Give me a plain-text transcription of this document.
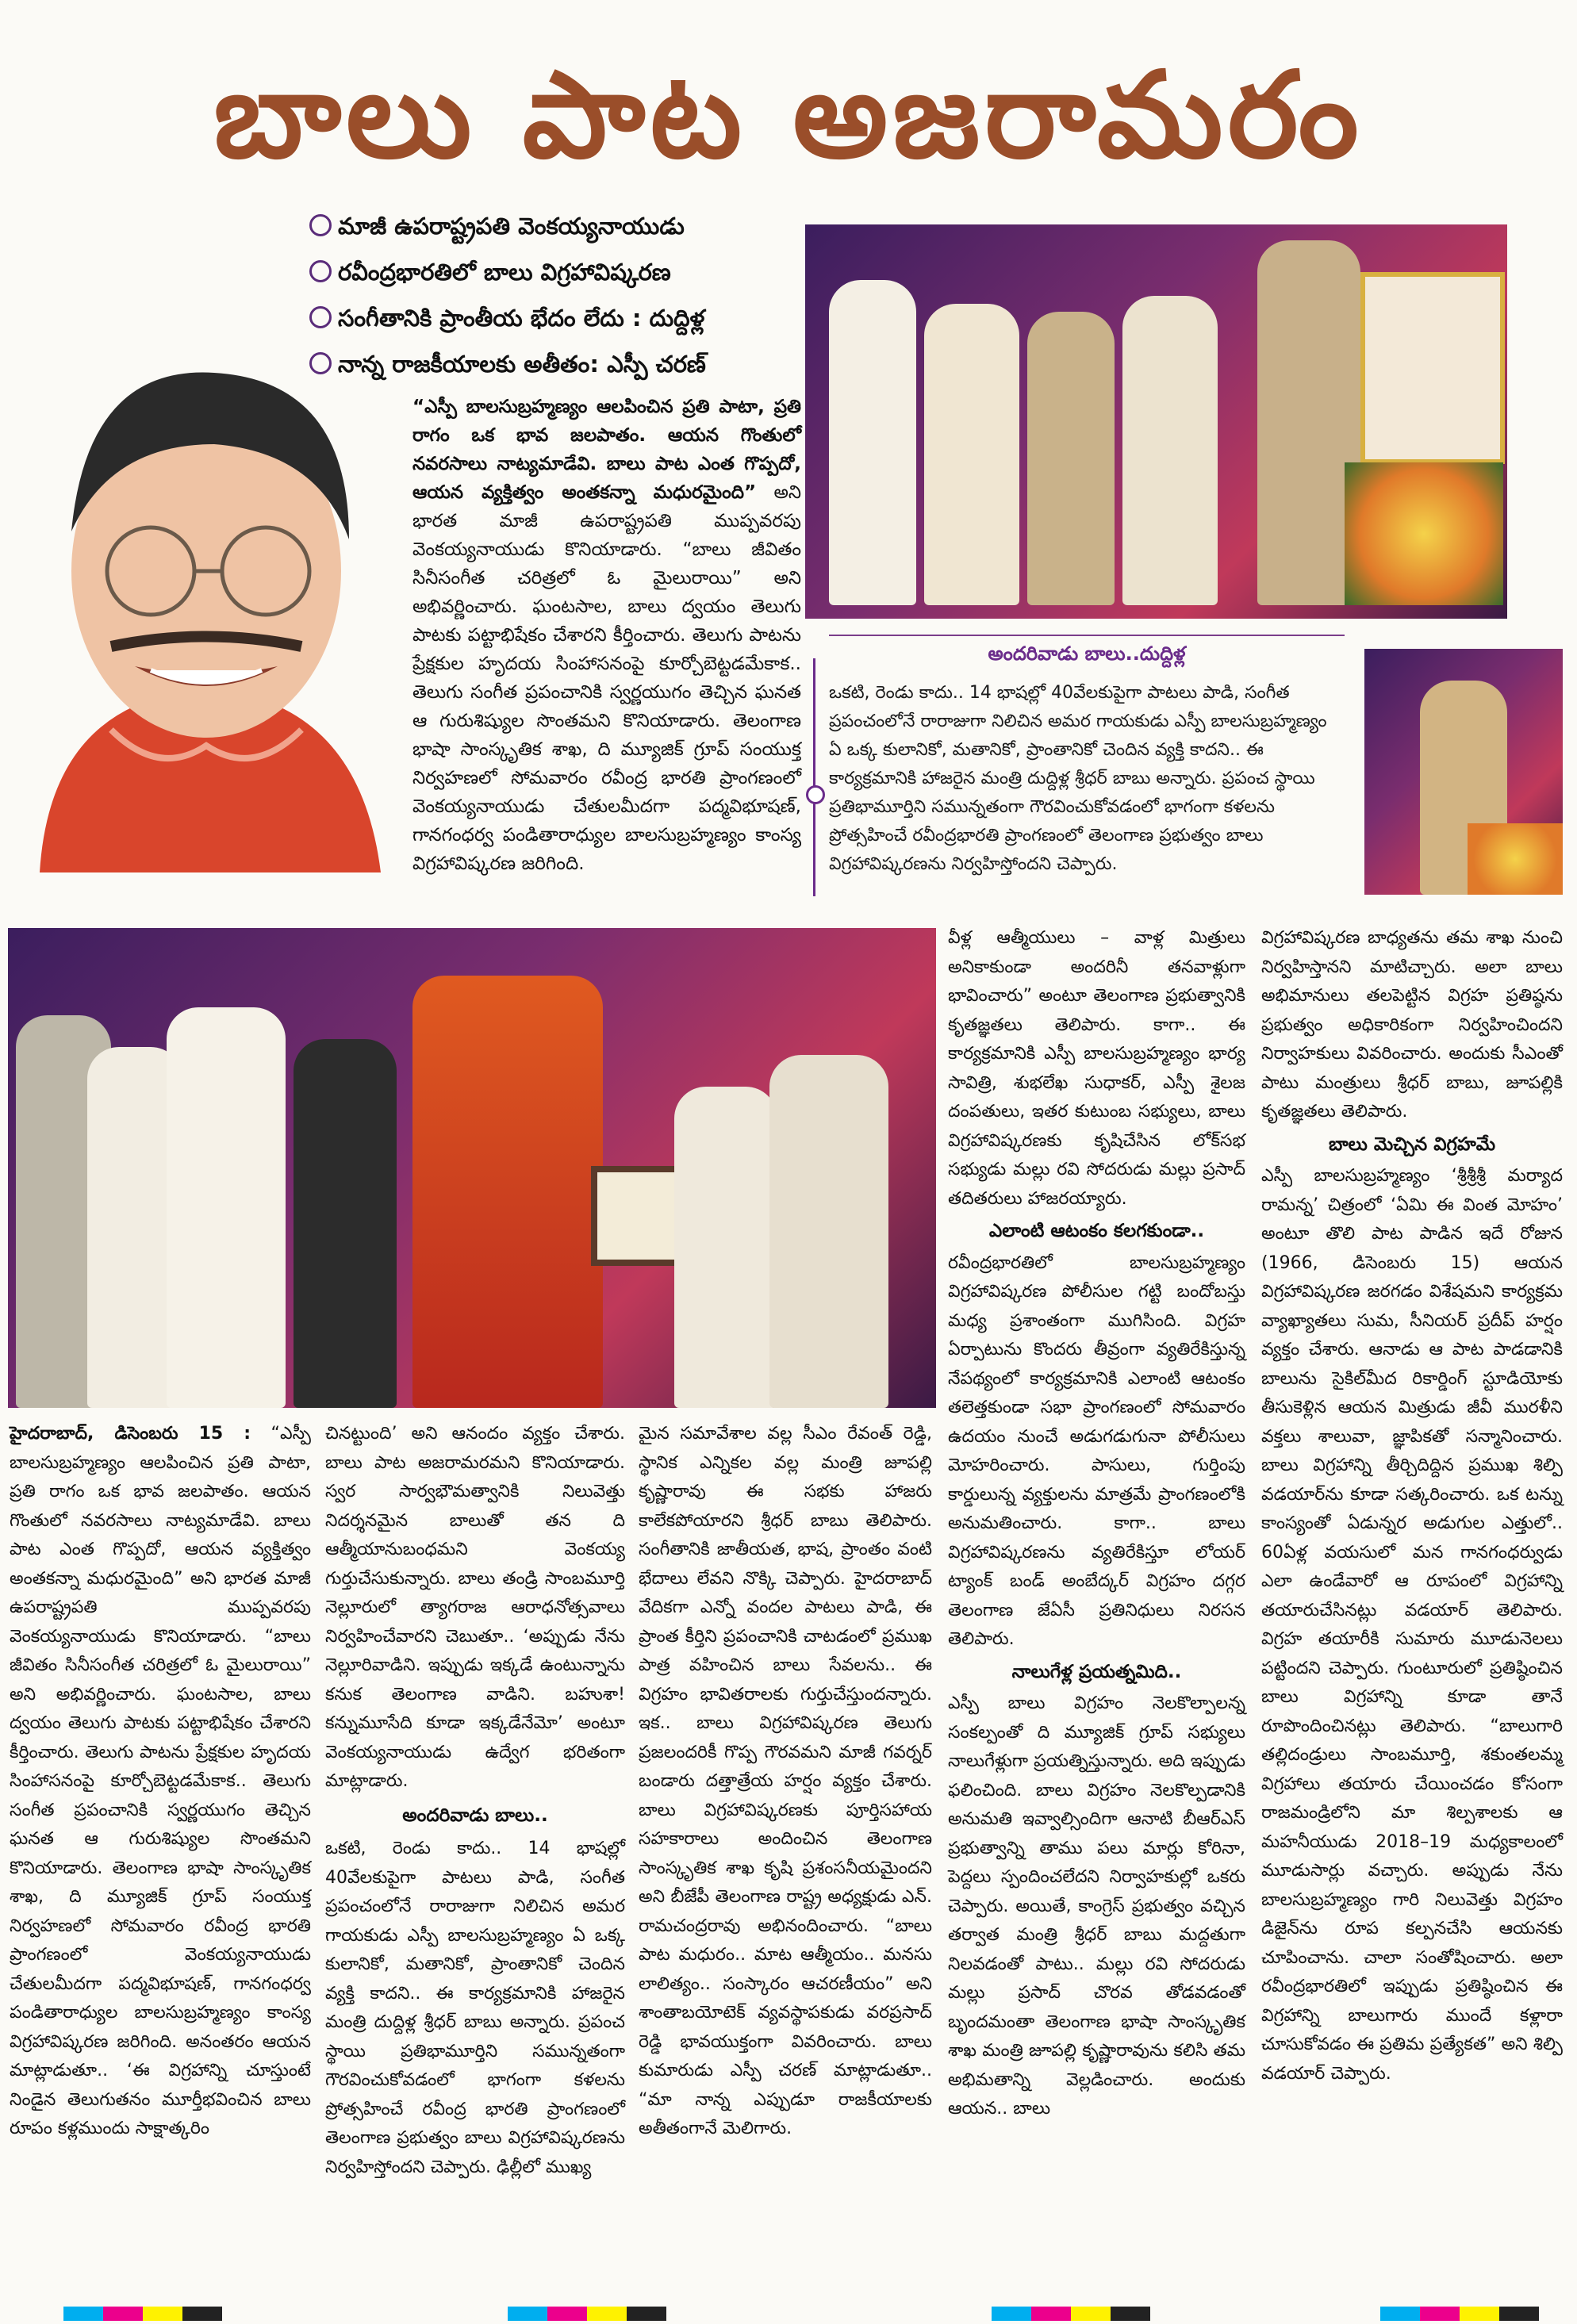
బాలు పాట అజరామరం
మాజీ ఉపరాష్ట్రపతి వెంకయ్యనాయుడు
రవీంద్రభారతిలో బాలు విగ్రహావిష్కరణ
సంగీతానికి ప్రాంతీయ భేదం లేదు : దుద్దిళ్ల
నాన్న రాజకీయాలకు అతీతం: ఎస్పీ చరణ్
“ఎస్పీ బాలసుబ్రహ్మణ్యం ఆలపించిన ప్రతి పాటా, ప్రతి రాగం ఒక భావ జలపాతం. ఆయన గొంతులో నవరసాలు నాట్యమాడేవి. బాలు పాట ఎంత గొప్పదో, ఆయన వ్యక్తిత్వం అంతకన్నా మధురమైంది” అని భారత మాజీ ఉపరాష్ట్రపతి ముప్పవరపు వెంకయ్యనాయుడు కొనియాడారు. “బాలు జీవితం సినీసంగీత చరిత్రలో ఓ మైలురాయి” అని అభివర్ణించారు. ఘంటసాల, బాలు ద్వయం తెలుగు పాటకు పట్టాభిషేకం చేశారని కీర్తించారు. తెలుగు పాటను ప్రేక్షకుల హృదయ సింహాసనంపై కూర్చోబెట్టడమేకాక.. తెలుగు సంగీత ప్రపంచానికి స్వర్ణయుగం తెచ్చిన ఘనత ఆ గురుశిష్యుల సొంతమని కొనియాడారు. తెలంగాణ భాషా సాంస్కృతిక శాఖ, ది మ్యూజిక్ గ్రూప్ సంయుక్త నిర్వహణలో సోమవారం రవీంద్ర భారతి ప్రాంగణంలో వెంకయ్యనాయుడు చేతులమీదగా పద్మవిభూషణ్, గానగంధర్వ పండితారాధ్యుల బాలసుబ్రహ్మణ్యం కాంస్య విగ్రహావిష్కరణ జరిగింది.
అందరివాడు బాలు..దుద్దిళ్ల
ఒకటి, రెండు కాదు.. 14 భాషల్లో 40వేలకుపైగా పాటలు పాడి, సంగీత ప్రపంచంలోనే రారాజుగా నిలిచిన అమర గాయకుడు ఎస్పీ బాలసుబ్రహ్మణ్యం ఏ ఒక్క కులానికో, మతానికో, ప్రాంతానికో చెందిన వ్యక్తి కాదని.. ఈ కార్యక్రమానికి హాజరైన మంత్రి దుద్దిళ్ల శ్రీధర్ బాబు అన్నారు. ప్రపంచ స్థాయి ప్రతిభామూర్తిని సమున్నతంగా గౌరవించుకోవడంలో భాగంగా కళలను ప్రోత్సహించే రవీంద్రభారతి ప్రాంగణంలో తెలంగాణ ప్రభుత్వం బాలు విగ్రహావిష్కరణను నిర్వహిస్తోందని చెప్పారు.

హైదరాబాద్, డిసెంబరు 15 : “ఎస్పీ బాలసుబ్రహ్మణ్యం ఆలపించిన ప్రతి పాటా, ప్రతి రాగం ఒక భావ జలపాతం. ఆయన గొంతులో నవరసాలు నాట్యమాడేవి. బాలు పాట ఎంత గొప్పదో, ఆయన వ్యక్తిత్వం అంతకన్నా మధురమైంది” అని భారత మాజీ ఉపరాష్ట్రపతి ముప్పవరపు వెంకయ్యనాయుడు కొనియాడారు. “బాలు జీవితం సినీసంగీత చరిత్రలో ఓ మైలురాయి” అని అభివర్ణించారు. ఘంటసాల, బాలు ద్వయం తెలుగు పాటకు పట్టాభిషేకం చేశారని కీర్తించారు. తెలుగు పాటను ప్రేక్షకుల హృదయ సింహాసనంపై కూర్చోబెట్టడమేకాక.. తెలుగు సంగీత ప్రపంచానికి స్వర్ణయుగం తెచ్చిన ఘనత ఆ గురుశిష్యుల సొంతమని కొనియాడారు. తెలంగాణ భాషా సాంస్కృతిక శాఖ, ది మ్యూజిక్ గ్రూప్ సంయుక్త నిర్వహణలో సోమవారం రవీంద్ర భారతి ప్రాంగణంలో వెంకయ్యనాయుడు చేతులమీదగా పద్మవిభూషణ్, గానగంధర్వ పండితారాధ్యుల బాలసుబ్రహ్మణ్యం కాంస్య విగ్రహావిష్కరణ జరిగింది. అనంతరం ఆయన మాట్లాడుతూ.. ‘ఈ విగ్రహాన్ని చూస్తుంటే నిండైన తెలుగుతనం మూర్తీభవించిన బాలు రూపం కళ్లముందు సాక్షాత్కరిం

చినట్టుంది’ అని ఆనందం వ్యక్తం చేశారు. బాలు పాట అజరామరమని కొనియాడారు. స్వర సార్వభౌమత్వానికి నిలువెత్తు నిదర్శనమైన బాలుతో తన ది ఆత్మీయానుబంధమని వెంకయ్య గుర్తుచేసుకున్నారు. బాలు తండ్రి సాంబమూర్తి నెల్లూరులో త్యాగరాజ ఆరాధనోత్సవాలు నిర్వహించేవారని చెబుతూ.. ‘అప్పుడు నేను నెల్లూరివాడిని. ఇప్పుడు ఇక్కడే ఉంటున్నాను కనుక తెలంగాణ వాడిని. బహుశా! కన్నుమూసేది కూడా ఇక్కడేనేమో’ అంటూ వెంకయ్యనాయుడు ఉద్వేగ భరితంగా మాట్లాడారు.

అందరివాడు బాలు..

ఒకటి, రెండు కాదు.. 14 భాషల్లో 40వేలకుపైగా పాటలు పాడి, సంగీత ప్రపంచంలోనే రారాజుగా నిలిచిన అమర గాయకుడు ఎస్పీ బాలసుబ్రహ్మణ్యం ఏ ఒక్క కులానికో, మతానికో, ప్రాంతానికో చెందిన వ్యక్తి కాదని.. ఈ కార్యక్రమానికి హాజరైన మంత్రి దుద్దిళ్ల శ్రీధర్ బాబు అన్నారు. ప్రపంచ స్థాయి ప్రతిభామూర్తిని సమున్నతంగా గౌరవించుకోవడంలో భాగంగా కళలను ప్రోత్సహించే రవీంద్ర భారతి ప్రాంగణంలో తెలంగాణ ప్రభుత్వం బాలు విగ్రహావిష్కరణను నిర్వహిస్తోందని చెప్పారు. ఢిల్లీలో ముఖ్య

మైన సమావేశాల వల్ల సీఎం రేవంత్ రెడ్డి, స్థానిక ఎన్నికల వల్ల మంత్రి జూపల్లి కృష్ణారావు ఈ సభకు హాజరు కాలేకపోయారని శ్రీధర్ బాబు తెలిపారు. సంగీతానికి జాతీయత, భాష, ప్రాంతం వంటి భేదాలు లేవని నొక్కి చెప్పారు. హైదరాబాద్ వేదికగా ఎన్నో వందల పాటలు పాడి, ఈ ప్రాంత కీర్తిని ప్రపంచానికి చాటడంలో ప్రముఖ పాత్ర వహించిన బాలు సేవలను.. ఈ విగ్రహం భావితరాలకు గుర్తుచేస్తుందన్నారు. ఇక.. బాలు విగ్రహావిష్కరణ తెలుగు ప్రజలందరికీ గొప్ప గౌరవమని మాజీ గవర్నర్ బండారు దత్తాత్రేయ హర్షం వ్యక్తం చేశారు. బాలు విగ్రహావిష్కరణకు పూర్తిసహాయ సహకారాలు అందించిన తెలంగాణ సాంస్కృతిక శాఖ కృషి ప్రశంసనీయమైందని అని బీజేపీ తెలంగాణ రాష్ట్ర అధ్యక్షుడు ఎన్. రామచంద్రరావు అభినందించారు. “బాలు పాట మధురం.. మాట ఆత్మీయం.. మనసు లాలిత్యం.. సంస్కారం ఆచరణీయం” అని శాంతాబయోటెక్ వ్యవస్థాపకుడు వరప్రసాద్ రెడ్డి భావయుక్తంగా వివరించారు. బాలు కుమారుడు ఎస్పీ చరణ్ మాట్లాడుతూ.. “మా నాన్న ఎప్పుడూ రాజకీయాలకు అతీతంగానే మెలిగారు.

వీళ్ల ఆత్మీయులు – వాళ్ల మిత్రులు అనికాకుండా అందరినీ తనవాళ్లుగా భావించారు” అంటూ తెలంగాణ ప్రభుత్వానికి కృతజ్ఞతలు తెలిపారు. కాగా.. ఈ కార్యక్రమానికి ఎస్పీ బాలసుబ్రహ్మణ్యం భార్య సావిత్రి, శుభలేఖ సుధాకర్, ఎస్పీ శైలజ దంపతులు, ఇతర కుటుంబ సభ్యులు, బాలు విగ్రహావిష్కరణకు కృషిచేసిన లోక్‌సభ సభ్యుడు మల్లు రవి సోదరుడు మల్లు ప్రసాద్ తదితరులు హాజరయ్యారు.

ఎలాంటి ఆటంకం కలగకుండా..

రవీంద్రభారతిలో బాలసుబ్రహ్మణ్యం విగ్రహావిష్కరణ పోలీసుల గట్టి బందోబస్తు మధ్య ప్రశాంతంగా ముగిసింది. విగ్రహ ఏర్పాటును కొందరు తీవ్రంగా వ్యతిరేకిస్తున్న నేపథ్యంలో కార్యక్రమానికి ఎలాంటి ఆటంకం తలెత్తకుండా సభా ప్రాంగణంలో సోమవారం ఉదయం నుంచే అడుగడుగునా పోలీసులు మోహరించారు. పాసులు, గుర్తింపు కార్డులున్న వ్యక్తులను మాత్రమే ప్రాంగణంలోకి అనుమతించారు. కాగా.. బాలు విగ్రహావిష్కరణను వ్యతిరేకిస్తూ లోయర్ ట్యాంక్ బండ్ అంబేద్కర్ విగ్రహం దగ్గర తెలంగాణ జేఏసీ ప్రతినిధులు నిరసన తెలిపారు.

నాలుగేళ్ల ప్రయత్నమిది..

ఎస్పీ బాలు విగ్రహం నెలకొల్పాలన్న సంకల్పంతో ది మ్యూజిక్ గ్రూప్ సభ్యులు నాలుగేళ్లుగా ప్రయత్నిస్తున్నారు. అది ఇప్పుడు ఫలించింది. బాలు విగ్రహం నెలకొల్పడానికి అనుమతి ఇవ్వాల్సిందిగా ఆనాటి బీఆర్ఎస్ ప్రభుత్వాన్ని తాము పలు మార్లు కోరినా, పెద్దలు స్పందించలేదని నిర్వాహకుల్లో ఒకరు చెప్పారు. అయితే, కాంగ్రెస్ ప్రభుత్వం వచ్చిన తర్వాత మంత్రి శ్రీధర్ బాబు మద్దతుగా నిలవడంతో పాటు.. మల్లు రవి సోదరుడు మల్లు ప్రసాద్ చొరవ తోడవడంతో బృందమంతా తెలంగాణ భాషా సాంస్కృతిక శాఖ మంత్రి జూపల్లి కృష్ణారావును కలిసి తమ అభిమతాన్ని వెల్లడించారు. అందుకు ఆయన.. బాలు

విగ్రహావిష్కరణ బాధ్యతను తమ శాఖ నుంచి నిర్వహిస్తానని మాటిచ్చారు. అలా బాలు అభిమానులు తలపెట్టిన విగ్రహ ప్రతిష్ఠను ప్రభుత్వం అధికారికంగా నిర్వహించిందని నిర్వాహకులు వివరించారు. అందుకు సీఎంతో పాటు మంత్రులు శ్రీధర్ బాబు, జూపల్లికి కృతజ్ఞతలు తెలిపారు.

బాలు మెచ్చిన విగ్రహమే

ఎస్పీ బాలసుబ్రహ్మణ్యం ‘శ్రీశ్రీశ్రీ మర్యాద రామన్న’ చిత్రంలో ‘ఏమి ఈ వింత మోహం’ అంటూ తొలి పాట పాడిన ఇదే రోజున (1966, డిసెంబరు 15) ఆయన విగ్రహావిష్కరణ జరగడం విశేషమని కార్యక్రమ వ్యాఖ్యాతలు సుమ, సీనియర్ ప్రదీప్ హర్షం వ్యక్తం చేశారు. ఆనాడు ఆ పాట పాడడానికి బాలును సైకిల్‌మీద రికార్డింగ్ స్టూడియోకు తీసుకెళ్లిన ఆయన మిత్రుడు జీవీ మురళీని వక్తలు శాలువా, జ్ఞాపికతో సన్మానించారు. బాలు విగ్రహాన్ని తీర్చిదిద్దిన ప్రముఖ శిల్పి వడయార్‌ను కూడా సత్కరించారు. ఒక టన్ను కాంస్యంతో ఏడున్నర అడుగుల ఎత్తులో.. 60ఏళ్ల వయసులో మన గానగంధర్వుడు ఎలా ఉండేవారో ఆ రూపంలో విగ్రహాన్ని తయారుచేసినట్లు వడయార్ తెలిపారు. విగ్రహ తయారీకి సుమారు మూడునెలలు పట్టిందని చెప్పారు. గుంటూరులో ప్రతిష్ఠించిన బాలు విగ్రహాన్ని కూడా తానే రూపొందించినట్లు తెలిపారు. “బాలుగారి తల్లిదండ్రులు సాంబమూర్తి, శకుంతలమ్మ విగ్రహాలు తయారు చేయించడం కోసంగా రాజమండ్రిలోని మా శిల్పశాలకు ఆ మహనీయుడు 2018–19 మధ్యకాలంలో మూడుసార్లు వచ్చారు. అప్పుడు నేను బాలసుబ్రహ్మణ్యం గారి నిలువెత్తు విగ్రహం డిజైన్‌ను రూప కల్పనచేసి ఆయనకు చూపించాను. చాలా సంతోషించారు. అలా రవీంద్రభారతిలో ఇప్పుడు ప్రతిష్ఠించిన ఈ విగ్రహాన్ని బాలుగారు ముందే కళ్లారా చూసుకోవడం ఈ ప్రతిమ ప్రత్యేకత” అని శిల్పి వడయార్ చెప్పారు.
